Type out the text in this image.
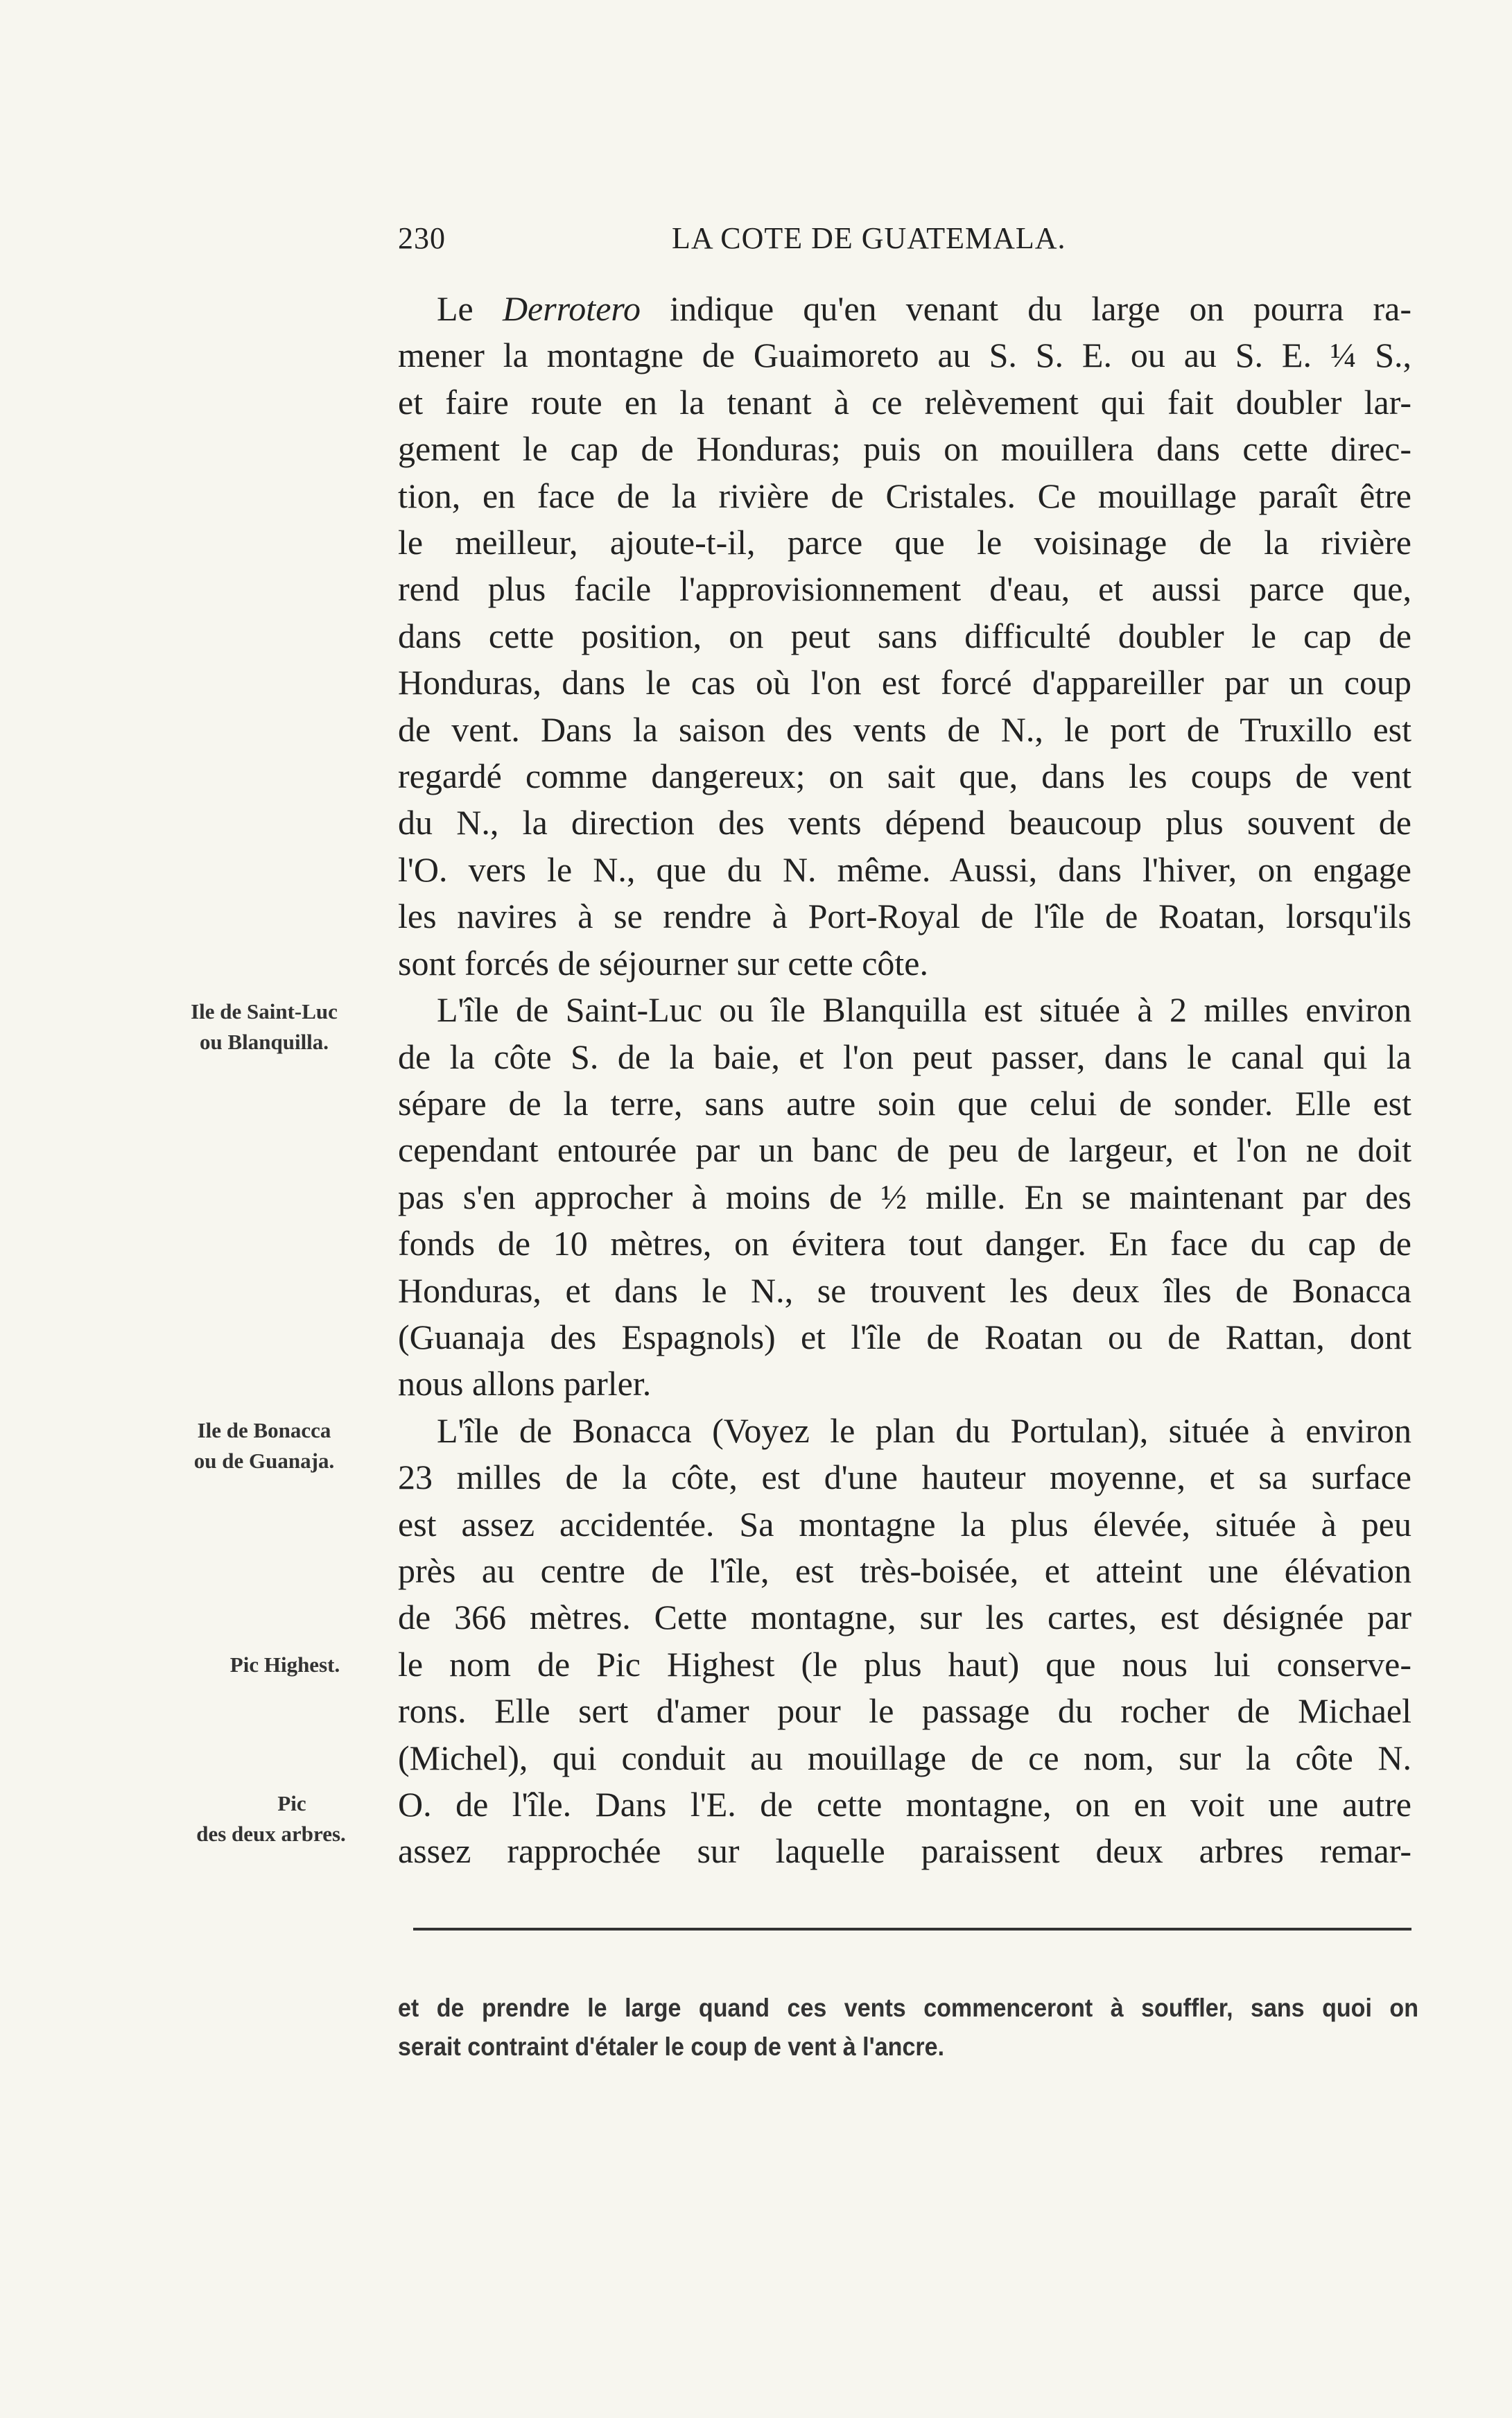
230	LA COTE DE GUATEMALA.
Le Derrotero indique qu'en venant du large on pourra ra-
mener la montagne de Guaimoreto au S. S. E. ou au S. E. ¼ S.,
et faire route en la tenant à ce relèvement qui fait doubler lar-
gement le cap de Honduras; puis on mouillera dans cette direc-
tion, en face de la rivière de Cristales. Ce mouillage paraît être
le meilleur, ajoute-t-il, parce que le voisinage de la rivière
rend plus facile l'approvisionnement d'eau, et aussi parce que,
dans cette position, on peut sans difficulté doubler le cap de
Honduras, dans le cas où l'on est forcé d'appareiller par un coup
de vent. Dans la saison des vents de N., le port de Truxillo est
regardé comme dangereux; on sait que, dans les coups de vent
du N., la direction des vents dépend beaucoup plus souvent de
l'O. vers le N., que du N. même. Aussi, dans l'hiver, on engage
les navires à se rendre à Port-Royal de l'île de Roatan, lorsqu'ils
sont forcés de séjourner sur cette côte.
L'île de Saint-Luc ou île Blanquilla est située à 2 milles environ
de la côte S. de la baie, et l'on peut passer, dans le canal qui la
sépare de la terre, sans autre soin que celui de sonder. Elle est
cependant entourée par un banc de peu de largeur, et l'on ne doit
pas s'en approcher à moins de ½ mille. En se maintenant par des
fonds de 10 mètres, on évitera tout danger. En face du cap de
Honduras, et dans le N., se trouvent les deux îles de Bonacca
(Guanaja des Espagnols) et l'île de Roatan ou de Rattan, dont
nous allons parler.
L'île de Bonacca (Voyez le plan du Portulan), située à environ
23 milles de la côte, est d'une hauteur moyenne, et sa surface
est assez accidentée. Sa montagne la plus élevée, située à peu
près au centre de l'île, est très-boisée, et atteint une élévation
de 366 mètres. Cette montagne, sur les cartes, est désignée par
le nom de Pic Highest (le plus haut) que nous lui conserve-
rons. Elle sert d'amer pour le passage du rocher de Michael
(Michel), qui conduit au mouillage de ce nom, sur la côte N.
O. de l'île. Dans l'E. de cette montagne, on en voit une autre
assez rapprochée sur laquelle paraissent deux arbres remar-
Ile de Saint-Luc
ou Blanquilla.
Ile de Bonacca
ou de Guanaja.
Pic Highest.
Pic
des deux arbres.
et de prendre le large quand ces vents commenceront à souffler, sans quoi on
serait contraint d'étaler le coup de vent à l'ancre.
